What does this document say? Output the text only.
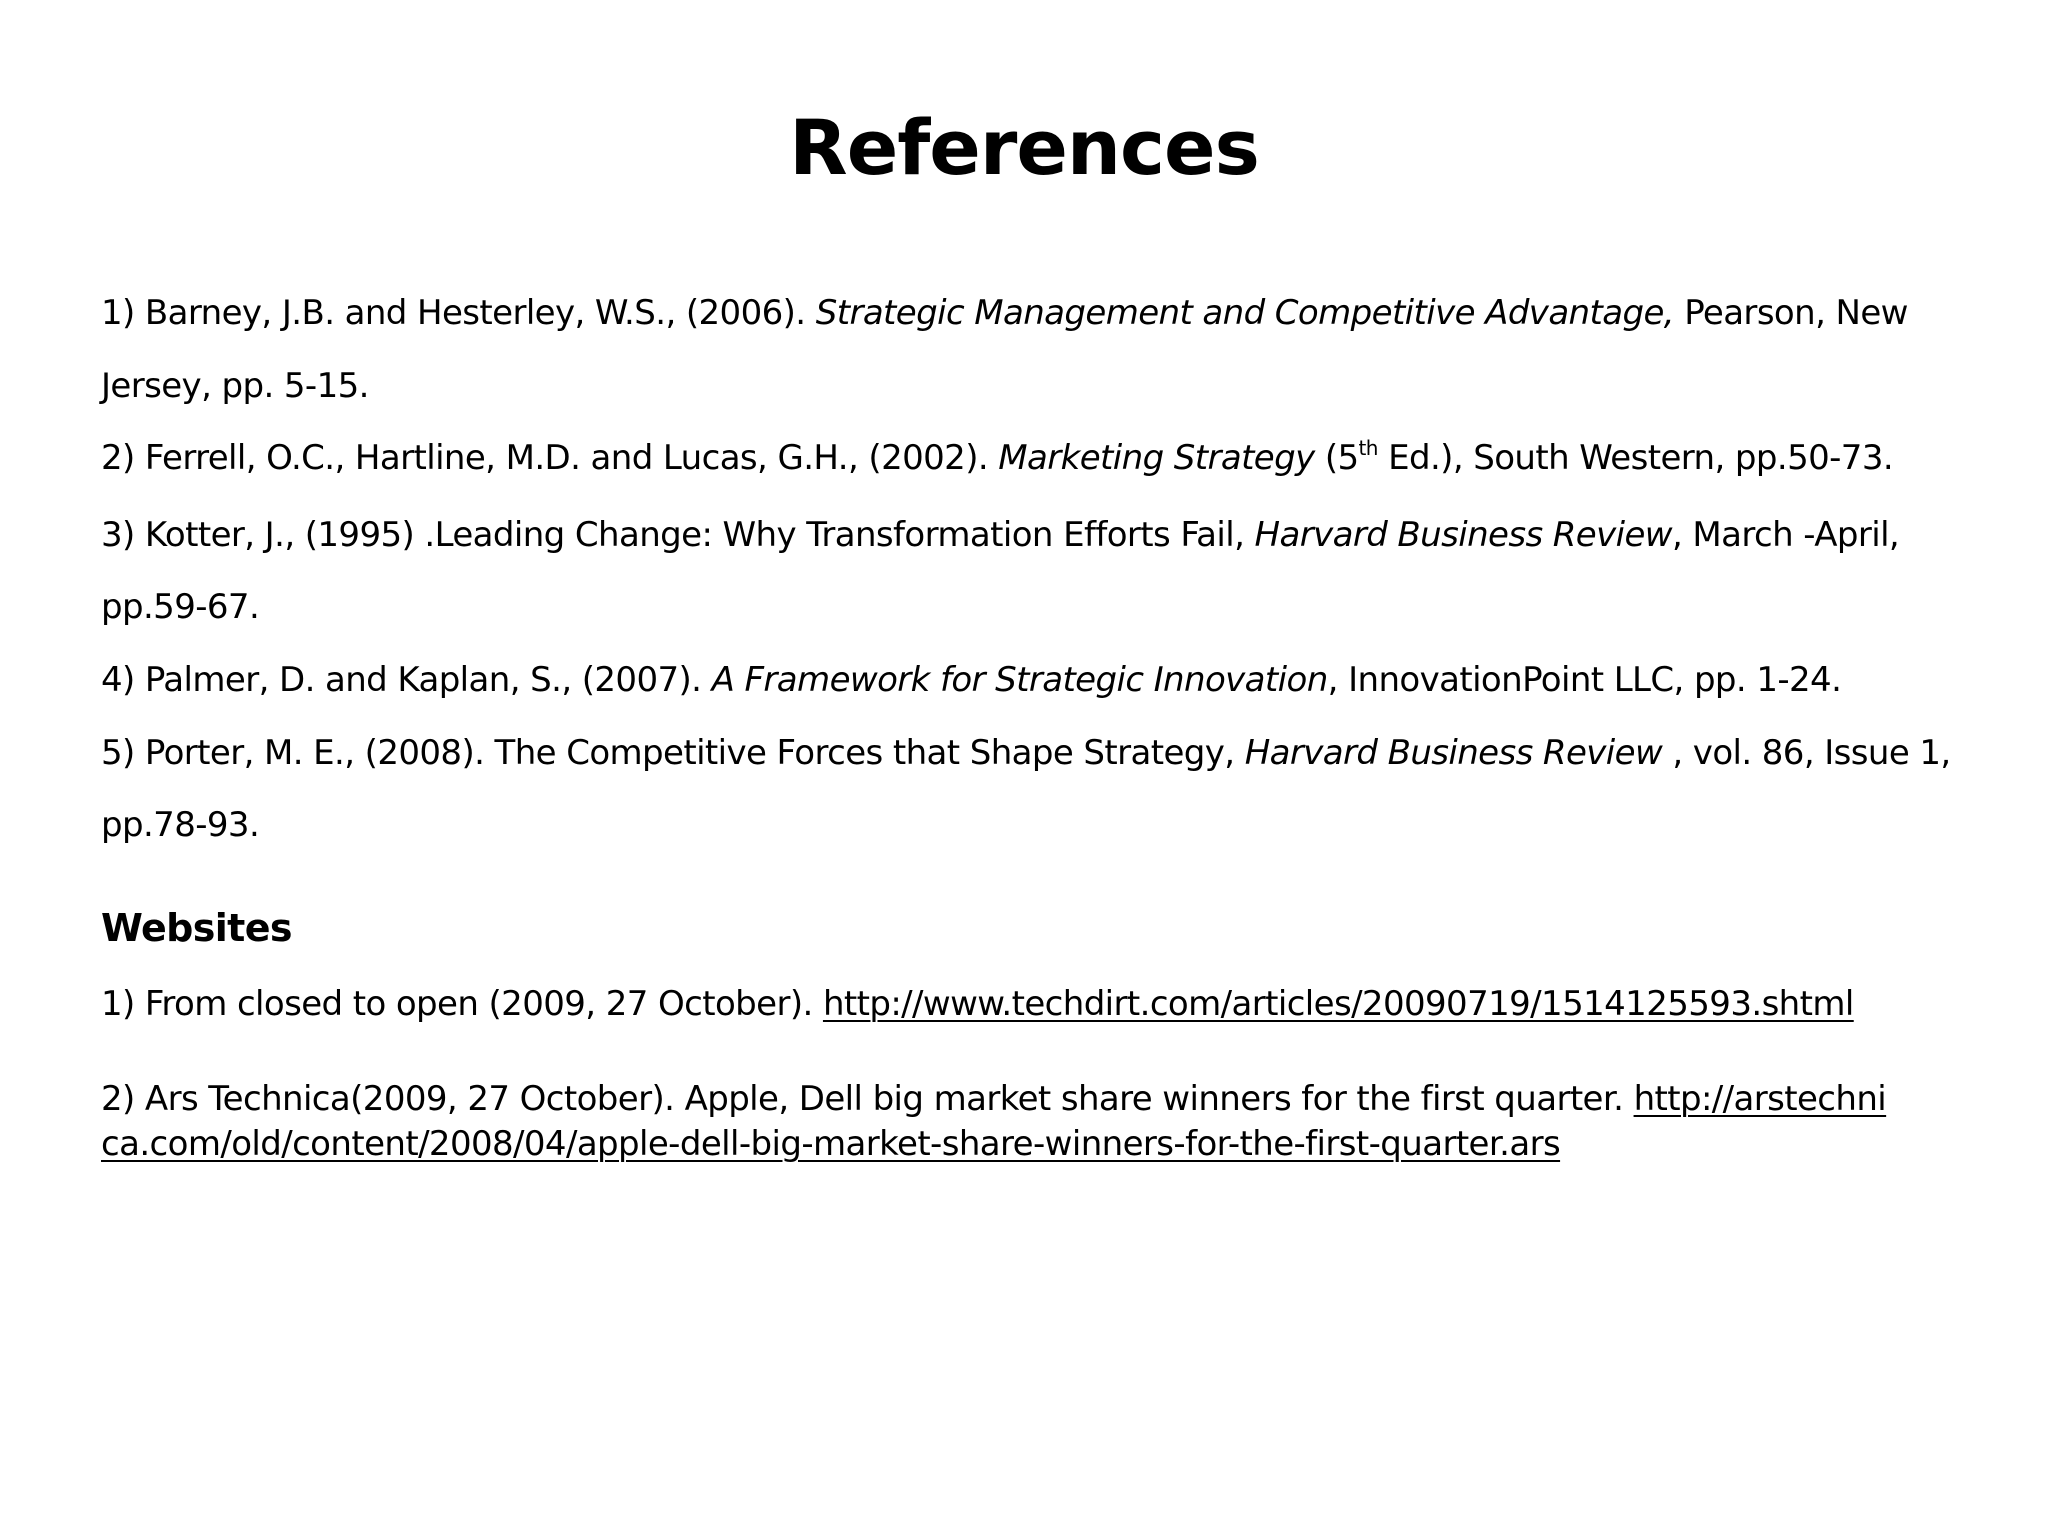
References
1) Barney, J.B. and Hesterley, W.S., (2006). Strategic Management and Competitive Advantage, Pearson, New
Jersey, pp. 5-15.
2) Ferrell, O.C., Hartline, M.D. and Lucas, G.H., (2002). Marketing Strategy (5th Ed.), South Western, pp.50-73.
3) Kotter, J., (1995) .Leading Change: Why Transformation Efforts Fail, Harvard Business Review, March -April,
pp.59-67.
4) Palmer, D. and Kaplan, S., (2007). A Framework for Strategic Innovation, InnovationPoint LLC, pp. 1-24.
5) Porter, M. E., (2008). The Competitive Forces that Shape Strategy, Harvard Business Review , vol. 86, Issue 1,
pp.78-93.
Websites
1) From closed to open (2009, 27 October). http://www.techdirt.com/articles/20090719/1514125593.shtml
2) Ars Technica(2009, 27 October). Apple, Dell big market share winners for the first quarter. http://arstechni
ca.com/old/content/2008/04/apple-dell-big-market-share-winners-for-the-first-quarter.ars
